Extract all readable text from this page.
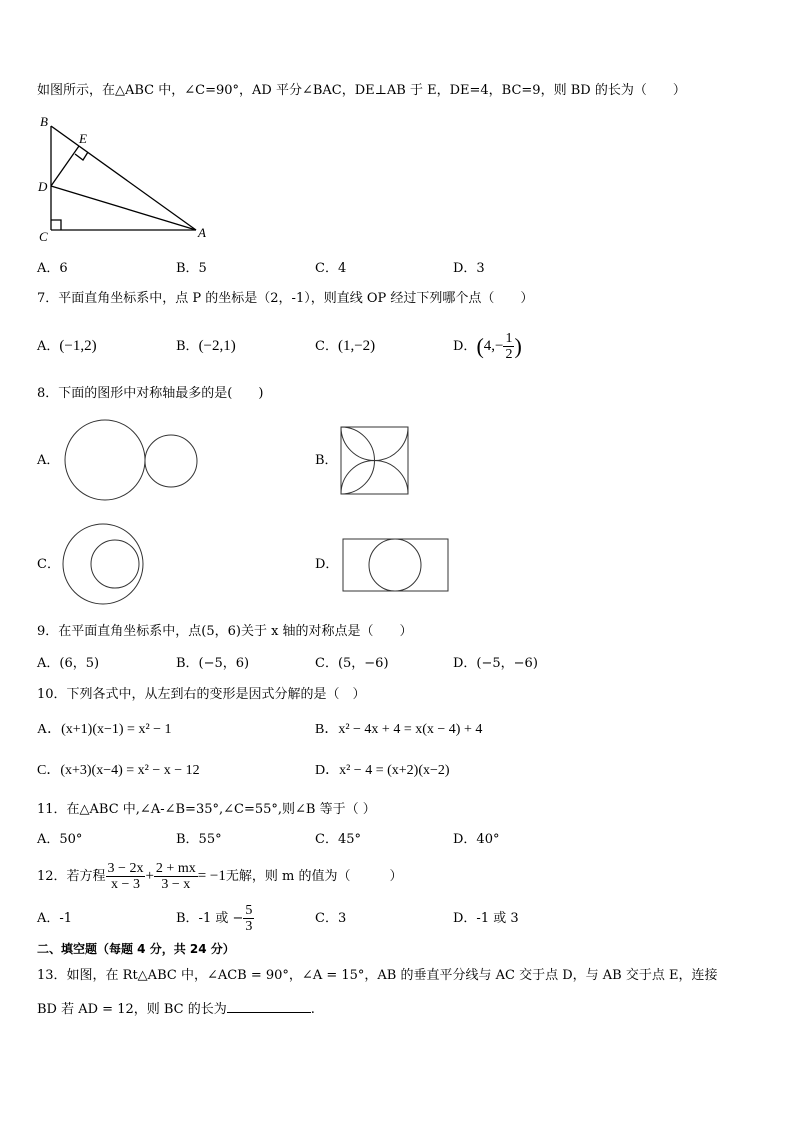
如图所示，在△ABC 中，∠C=90°，AD 平分∠BAC，DE⊥AB 于 E，DE=4，BC=9，则 BD 的长为（　　）
B
E
D
C	A
A．6	B．5	C．4	D．3
7．平面直角坐标系中，点 P 的坐标是（2，-1），则直线 OP 经过下列哪个点（　　）
A．(−1,2)	B．(−2,1)	C．(1,−2)	D．($4,- \frac{1}{2}$ )
8．下面的图形中对称轴最多的是(　　)
A．	B．
C．	D．
9．在平面直角坐标系中，点(5，6)关于 x 轴的对称点是（　　）
A．(6，5)	B．(−5，6)	C．(5，−6)	D．(−5，−6)
10．下列各式中，从左到右的变形是因式分解的是（　）
A．(x+1)(x−1) = x² − 1	B．x² − 4x + 4 = x(x − 4) + 4
C．(x+3)(x−4) = x² − x − 12	D．x² − 4 = (x+2)(x−2)
11．在△ABC 中,∠A-∠B=35°,∠C=55°,则∠B 等于（ ）
A．50°	B．55°	C．45°	D．40°
12．若方程 $\frac{3 - 2x}{x - 3} + \frac{2 + mx}{3 - x} = -1$无解，则 m 的值为（　　　）
A．-1	B．-1 或 − $\frac{5}{3}$	C．3	D．-1 或 3
二、填空题（每题 4 分，共 24 分）
13．如图，在 Rt△ABC 中，∠ACB = 90°，∠A = 15°，AB 的垂直平分线与 AC 交于点 D，与 AB 交于点 E，连接
BD 若 AD = 12，则 BC 的长为	.
